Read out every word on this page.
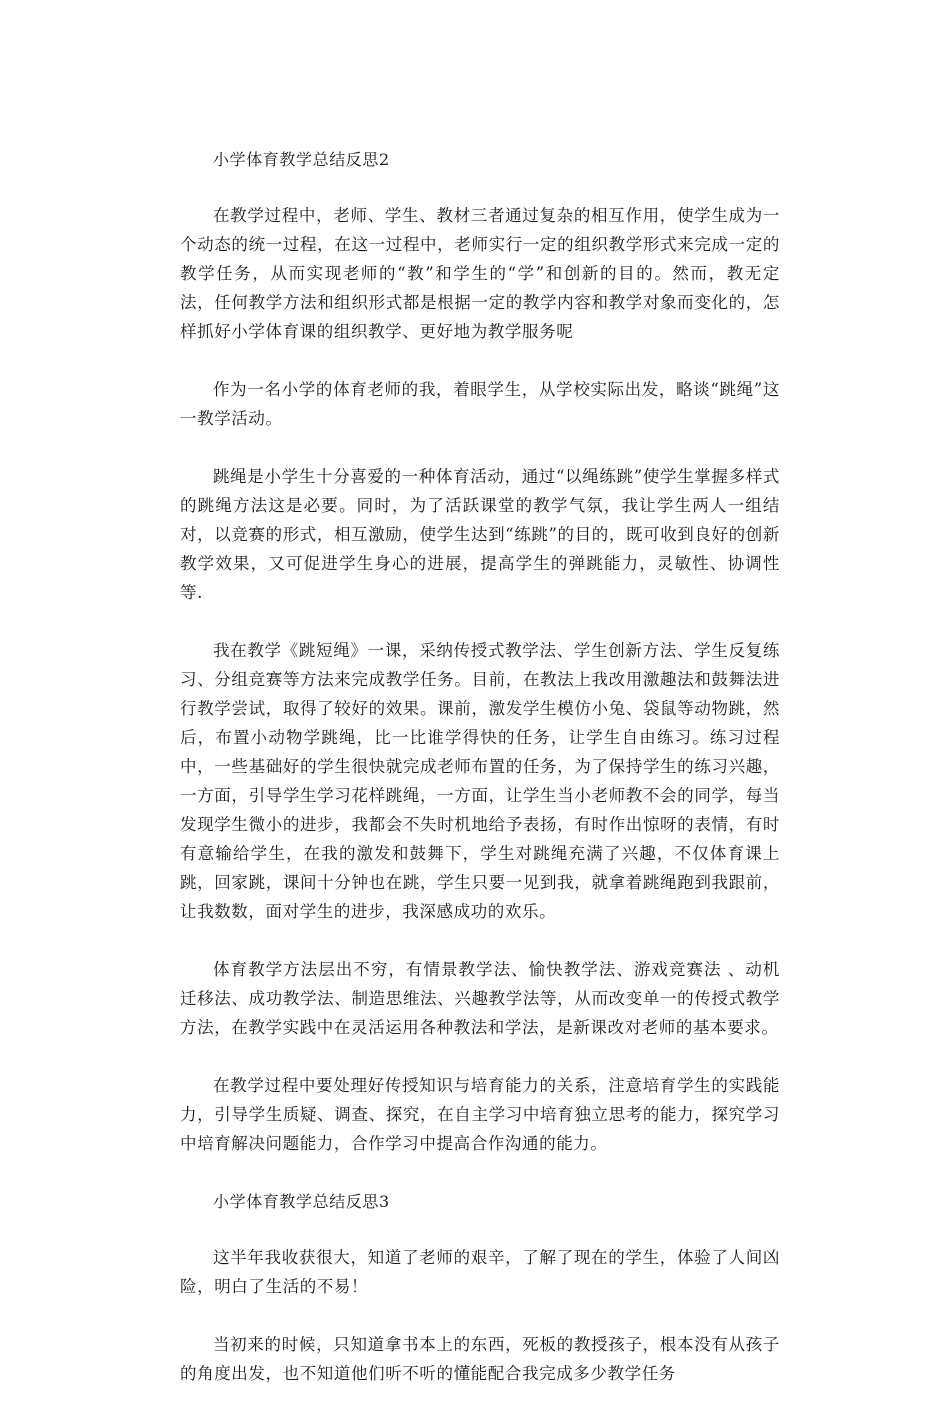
小学体育教学总结反思2

在教学过程中，老师、学生、教材三者通过复杂的相互作用，使学生成为一个动态的统一过程，在这一过程中，老师实行一定的组织教学形式来完成一定的教学任务，从而实现老师的“教”和学生的“学”和创新的目的。然而，教无定法，任何教学方法和组织形式都是根据一定的教学内容和教学对象而变化的，怎样抓好小学体育课的组织教学、更好地为教学服务呢

作为一名小学的体育老师的我，着眼学生，从学校实际出发，略谈“跳绳”这一教学活动。

跳绳是小学生十分喜爱的一种体育活动，通过“以绳练跳”使学生掌握多样式的跳绳方法这是必要。同时，为了活跃课堂的教学气氛，我让学生两人一组结对，以竞赛的形式，相互激励，使学生达到“练跳”的目的，既可收到良好的创新教学效果，又可促进学生身心的进展，提高学生的弹跳能力，灵敏性、协调性等.

我在教学《跳短绳》一课，采纳传授式教学法、学生创新方法、学生反复练习、分组竞赛等方法来完成教学任务。目前，在教法上我改用激趣法和鼓舞法进行教学尝试，取得了较好的效果。课前，激发学生模仿小兔、袋鼠等动物跳，然后，布置小动物学跳绳，比一比谁学得快的任务，让学生自由练习。练习过程中，一些基础好的学生很快就完成老师布置的任务，为了保持学生的练习兴趣，一方面，引导学生学习花样跳绳，一方面，让学生当小老师教不会的同学，每当发现学生微小的进步，我都会不失时机地给予表扬，有时作出惊呀的表情，有时有意输给学生，在我的激发和鼓舞下，学生对跳绳充满了兴趣，不仅体育课上跳，回家跳，课间十分钟也在跳，学生只要一见到我，就拿着跳绳跑到我跟前，让我数数，面对学生的进步，我深感成功的欢乐。

体育教学方法层出不穷，有情景教学法、愉快教学法、游戏竞赛法 、动机迁移法、成功教学法、制造思维法、兴趣教学法等，从而改变单一的传授式教学方法，在教学实践中在灵活运用各种教法和学法，是新课改对老师的基本要求。

在教学过程中要处理好传授知识与培育能力的关系，注意培育学生的实践能力，引导学生质疑、调查、探究，在自主学习中培育独立思考的能力，探究学习中培育解决问题能力，合作学习中提高合作沟通的能力。

小学体育教学总结反思3

这半年我收获很大，知道了老师的艰辛，了解了现在的学生，体验了人间凶险，明白了生活的不易！

当初来的时候，只知道拿书本上的东西，死板的教授孩子，根本没有从孩子的角度出发，也不知道他们听不听的懂能配合我完成多少教学任务
